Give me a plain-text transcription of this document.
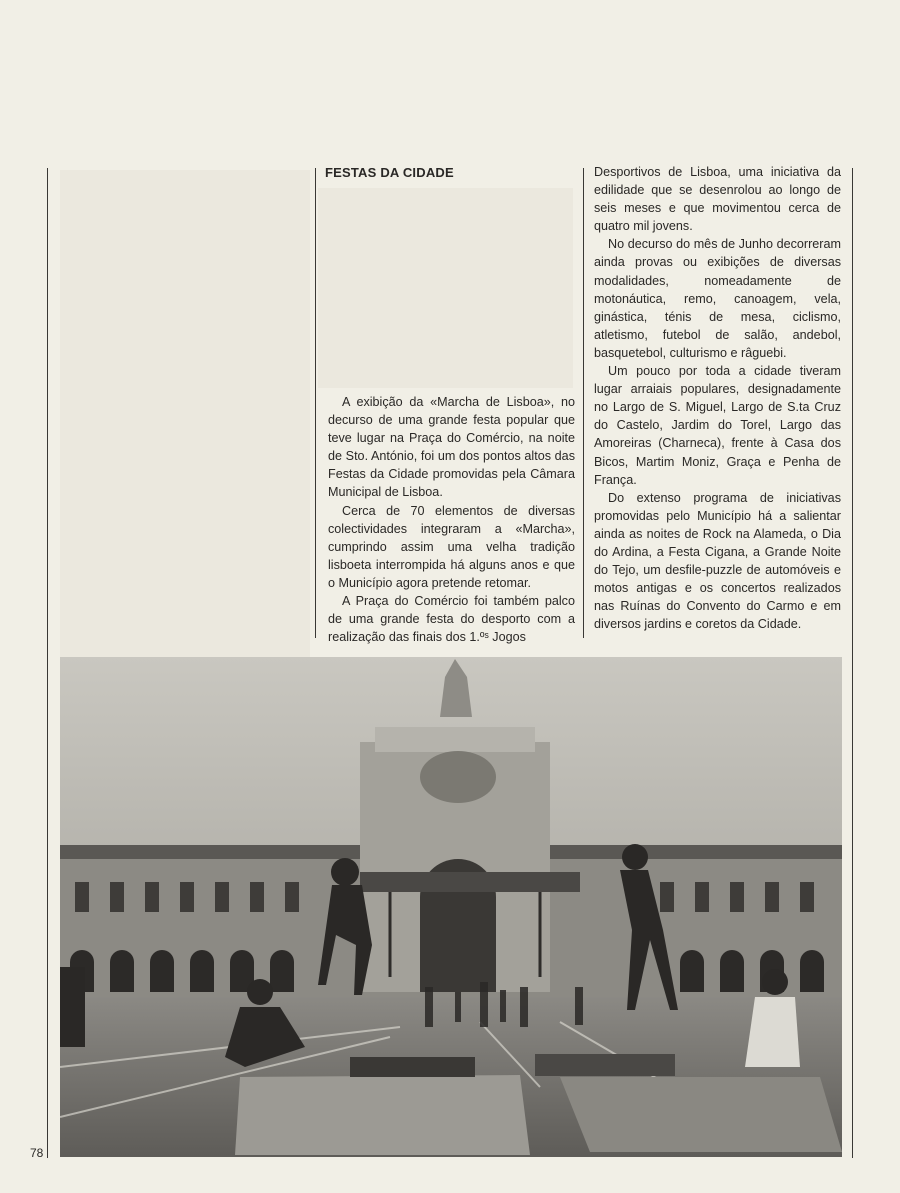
FESTAS DA CIDADE

A exibição da «Marcha de Lisboa», no decurso de uma grande festa popular que teve lugar na Praça do Comércio, na noite de Sto. António, foi um dos pontos altos das Festas da Cidade promovidas pela Câmara Municipal de Lisboa.

Cerca de 70 elementos de diversas colectividades integraram a «Marcha», cumprindo assim uma velha tradição lisboeta interrompida há alguns anos e que o Município agora pretende retomar.

A Praça do Comércio foi também palco de uma grande festa do desporto com a realização das finais dos 1.ºˢ Jogos

Desportivos de Lisboa, uma iniciativa da edilidade que se desenrolou ao longo de seis meses e que movimentou cerca de quatro mil jovens.

No decurso do mês de Junho decorreram ainda provas ou exibições de diversas modalidades, nomeadamente de motonáutica, remo, canoagem, vela, ginástica, ténis de mesa, ciclismo, atletismo, futebol de salão, andebol, basquetebol, culturismo e râguebi.

Um pouco por toda a cidade tiveram lugar arraiais populares, designadamente no Largo de S. Miguel, Largo de S.ta Cruz do Castelo, Jardim do Torel, Largo das Amoreiras (Charneca), frente à Casa dos Bicos, Martim Moniz, Graça e Penha de França.

Do extenso programa de iniciativas promovidas pelo Município há a salientar ainda as noites de Rock na Alameda, o Dia do Ardina, a Festa Cigana, a Grande Noite do Tejo, um desfile-puzzle de automóveis e motos antigas e os concertos realizados nas Ruínas do Convento do Carmo e em diversos jardins e coretos da Cidade.

78
